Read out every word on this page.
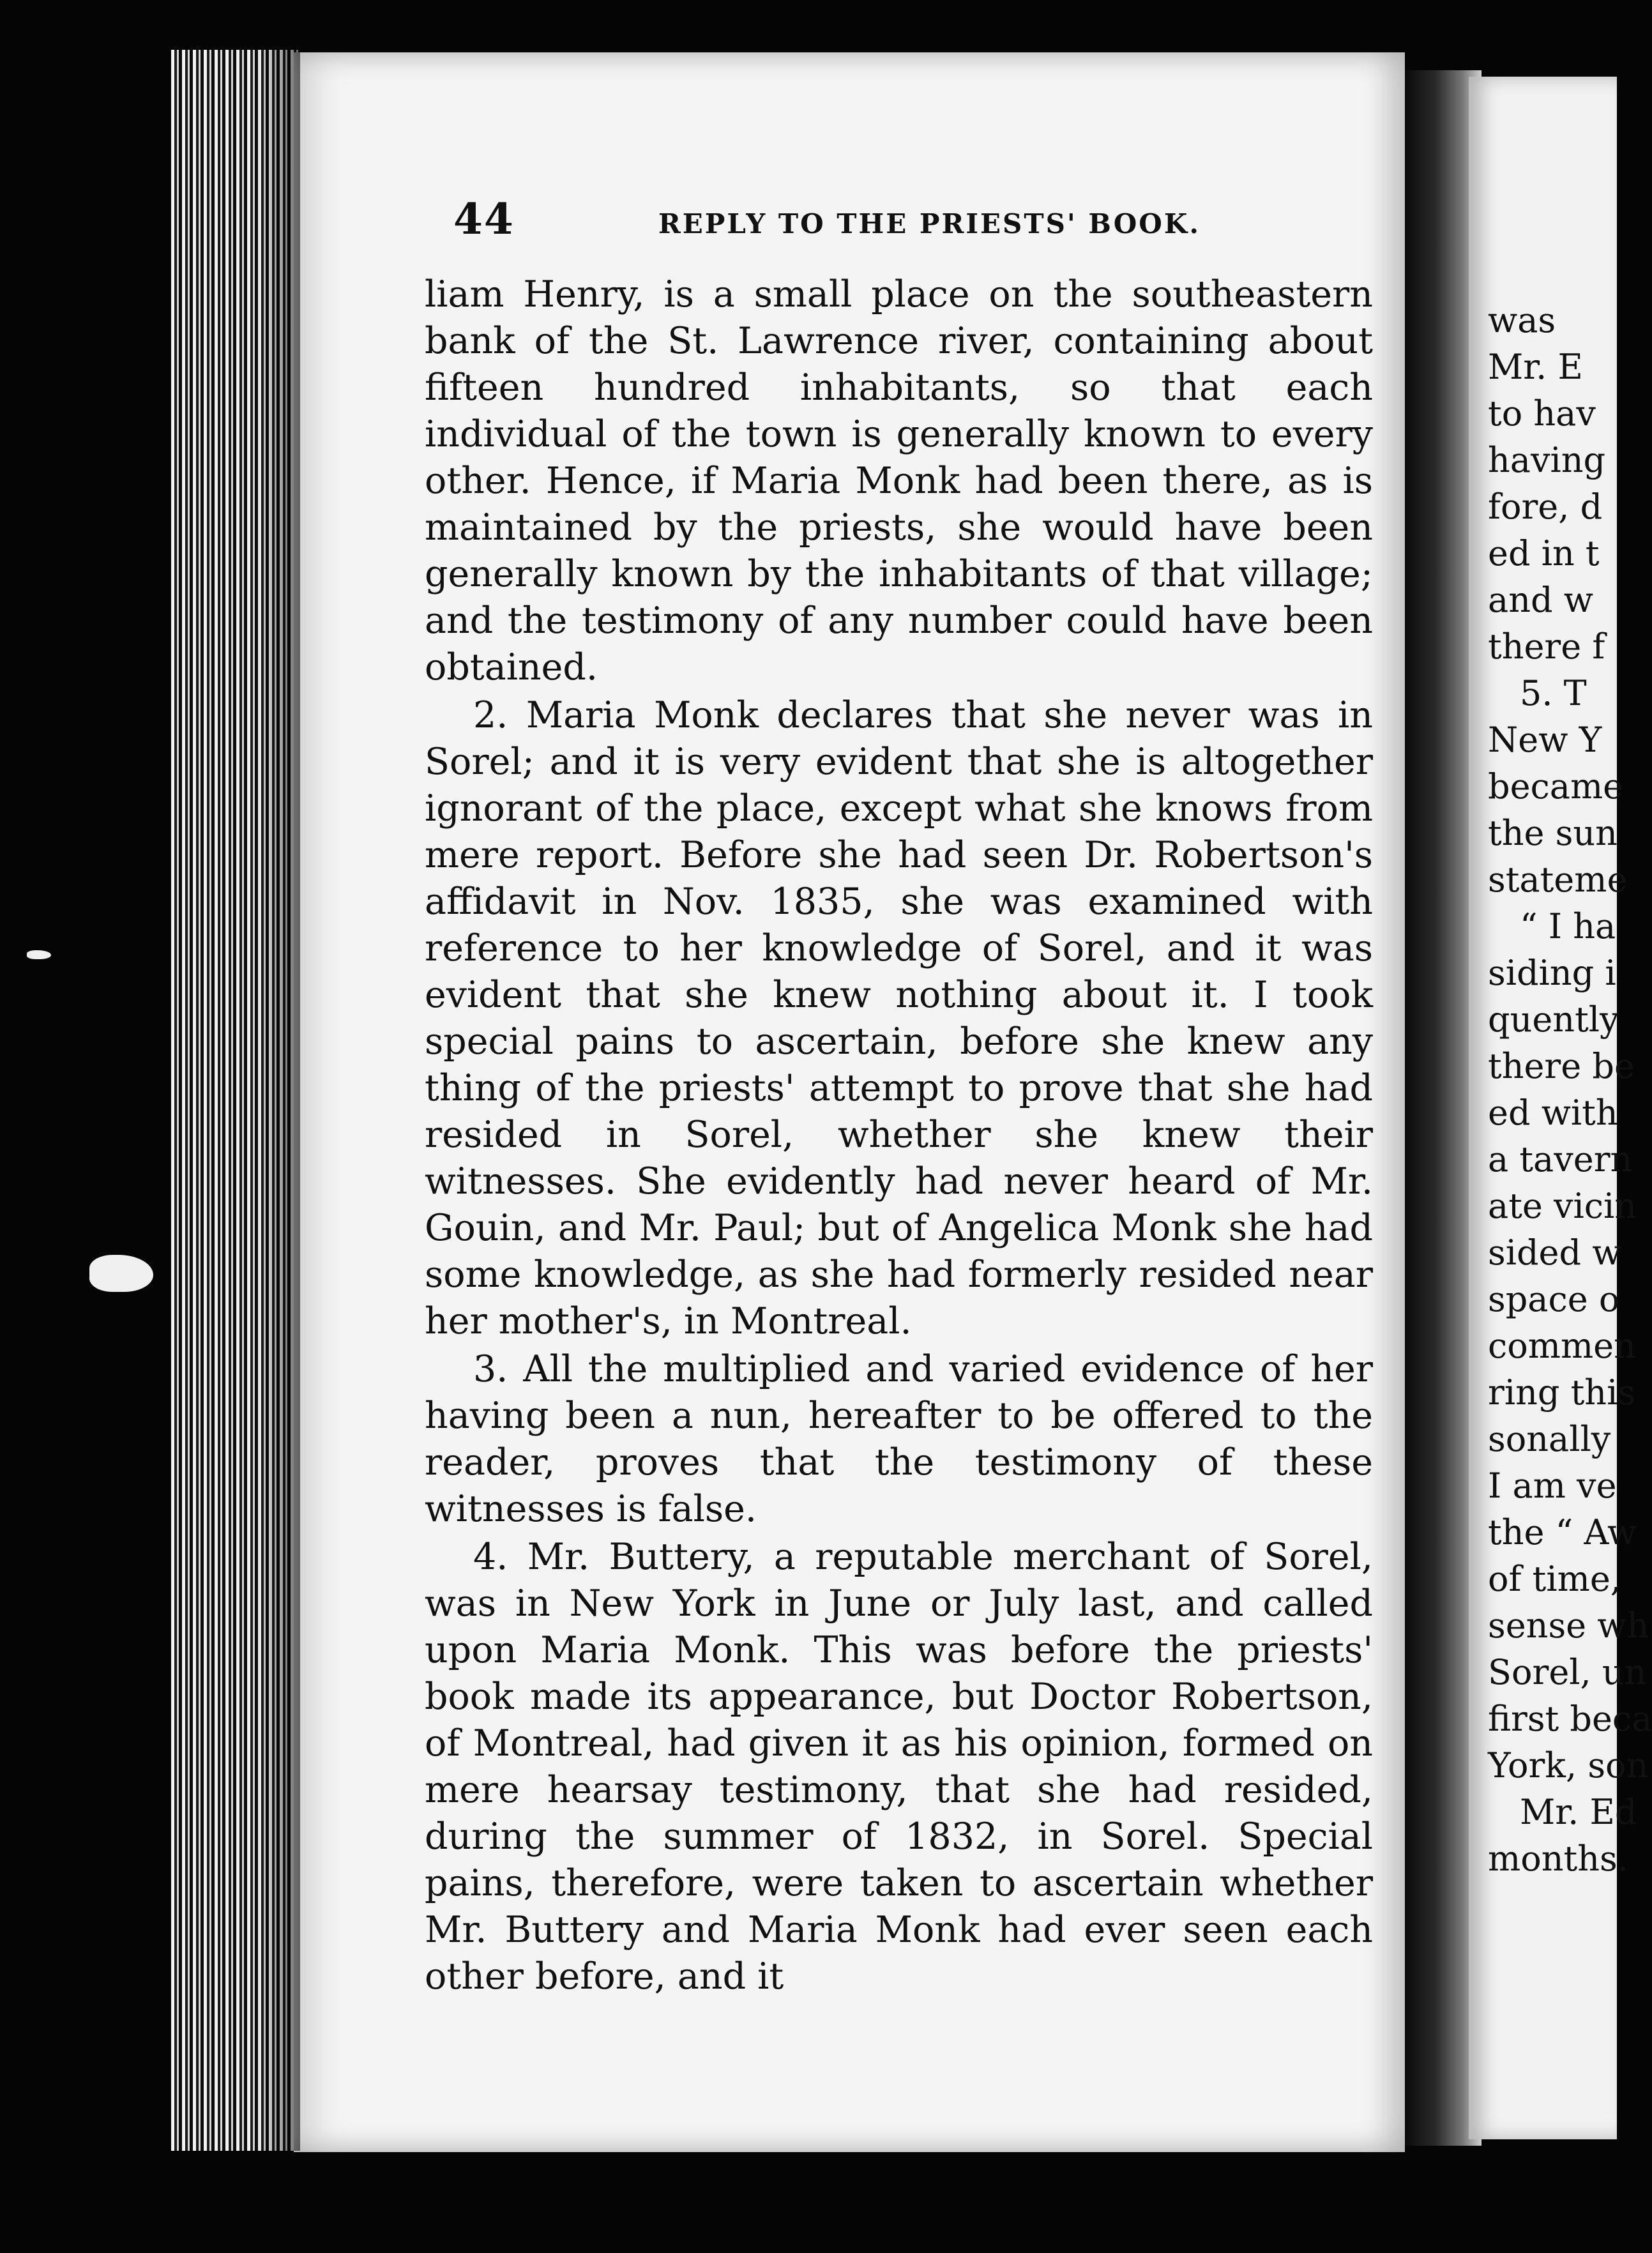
44	REPLY TO THE PRIESTS' BOOK.

liam Henry, is a small place on the southeastern bank of the St. Lawrence river, containing about fifteen hundred inhabitants, so that each individual of the town is generally known to every other. Hence, if Maria Monk had been there, as is maintained by the priests, she would have been generally known by the inhabitants of that village; and the testimony of any number could have been obtained.

2. Maria Monk declares that she never was in Sorel; and it is very evident that she is altogether ignorant of the place, except what she knows from mere report. Before she had seen Dr. Robertson's affidavit in Nov. 1835, she was examined with reference to her knowledge of Sorel, and it was evident that she knew nothing about it. I took special pains to ascertain, before she knew any thing of the priests' attempt to prove that she had resided in Sorel, whether she knew their witnesses. She evidently had never heard of Mr. Gouin, and Mr. Paul; but of Angelica Monk she had some knowledge, as she had formerly resided near her mother's, in Montreal.

3. All the multiplied and varied evidence of her having been a nun, hereafter to be offered to the reader, proves that the testimony of these witnesses is false.

4. Mr. Buttery, a reputable merchant of Sorel, was in New York in June or July last, and called upon Maria Monk. This was before the priests' book made its appearance, but Doctor Robertson, of Montreal, had given it as his opinion, formed on mere hearsay testimony, that she had resided, during the summer of 1832, in Sorel. Special pains, therefore, were taken to ascertain whether Mr. Buttery and Maria Monk had ever seen each other before, and it

was
Mr. E
to hav
having
fore, d
ed in t
and w
there f
5. T
New Y
became
the sun
stateme
“ I ha
siding i
quently
there be
ed with
a tavern
ate vicin
sided w
space o
commen
ring this
sonally
I am ve
the “ Aw
of time,
sense wh
Sorel, un
first beca
York, son
Mr. Ed
months.
